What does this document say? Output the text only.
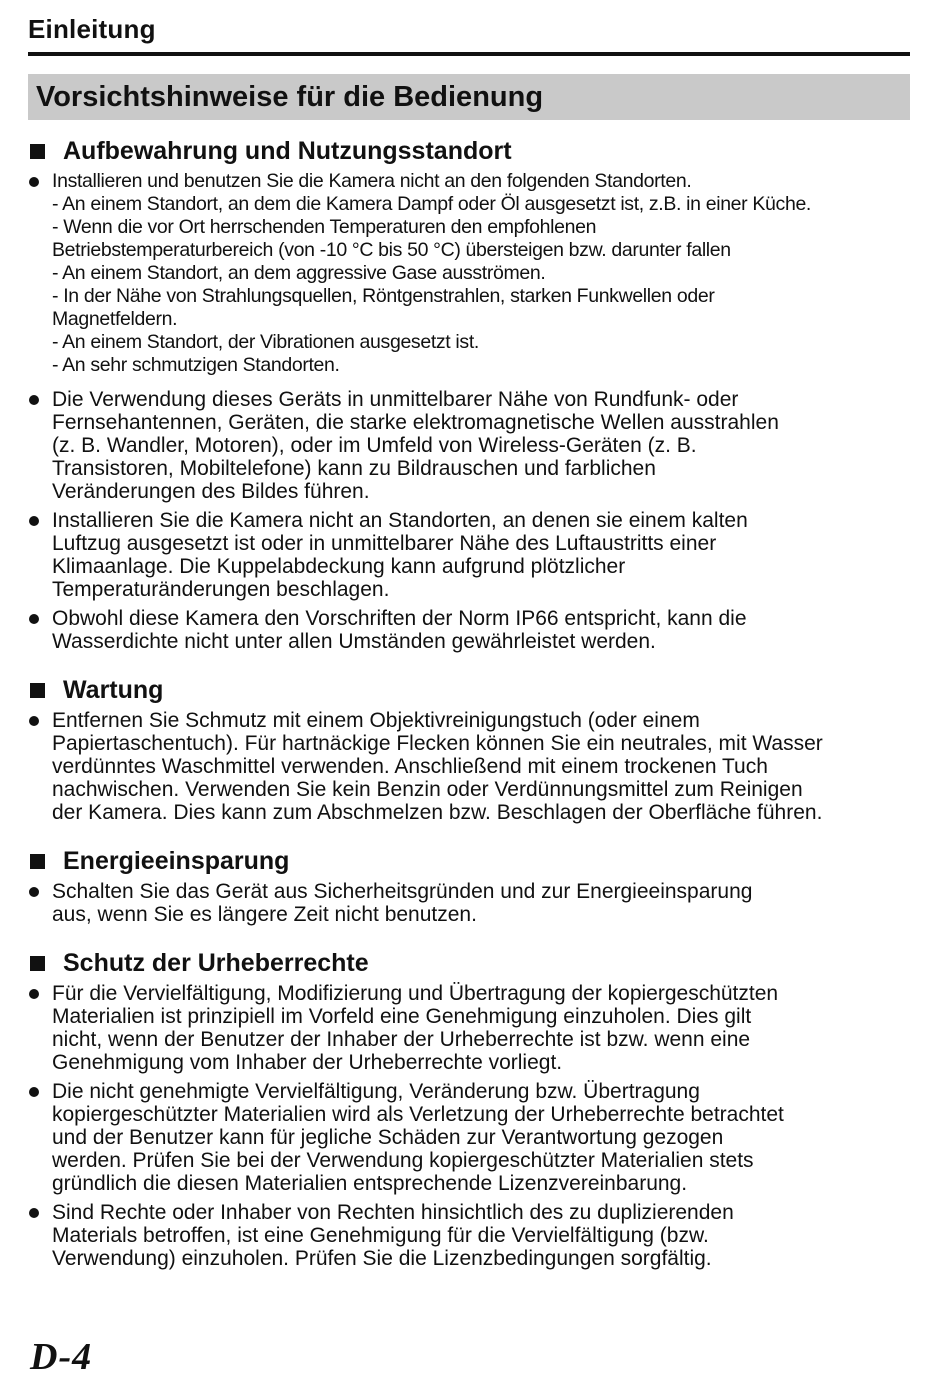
Einleitung
Vorsichtshinweise für die Bedienung
Aufbewahrung und Nutzungsstandort

Installieren und benutzen Sie die Kamera nicht an den folgenden Standorten.

- An einem Standort, an dem die Kamera Dampf oder Öl ausgesetzt ist, z.B. in einer Küche.

- Wenn die vor Ort herrschenden Temperaturen den empfohlenen

Betriebstemperaturbereich (von -10 °C bis 50 °C) übersteigen bzw. darunter fallen

- An einem Standort, an dem aggressive Gase ausströmen.

- In der Nähe von Strahlungsquellen, Röntgenstrahlen, starken Funkwellen oder

Magnetfeldern.

- An einem Standort, der Vibrationen ausgesetzt ist.

- An sehr schmutzigen Standorten.

Die Verwendung dieses Geräts in unmittelbarer Nähe von Rundfunk- oder

Fernsehantennen, Geräten, die starke elektromagnetische Wellen ausstrahlen

(z. B. Wandler, Motoren), oder im Umfeld von Wireless-Geräten (z. B.

Transistoren, Mobiltelefone) kann zu Bildrauschen und farblichen

Veränderungen des Bildes führen.

Installieren Sie die Kamera nicht an Standorten, an denen sie einem kalten

Luftzug ausgesetzt ist oder in unmittelbarer Nähe des Luftaustritts einer

Klimaanlage. Die Kuppelabdeckung kann aufgrund plötzlicher

Temperaturänderungen beschlagen.

Obwohl diese Kamera den Vorschriften der Norm IP66 entspricht, kann die

Wasserdichte nicht unter allen Umständen gewährleistet werden.

Wartung

Entfernen Sie Schmutz mit einem Objektivreinigungstuch (oder einem

Papiertaschentuch). Für hartnäckige Flecken können Sie ein neutrales, mit Wasser

verdünntes Waschmittel verwenden. Anschließend mit einem trockenen Tuch

nachwischen. Verwenden Sie kein Benzin oder Verdünnungsmittel zum Reinigen

der Kamera. Dies kann zum Abschmelzen bzw. Beschlagen der Oberfläche führen.

Energieeinsparung

Schalten Sie das Gerät aus Sicherheitsgründen und zur Energieeinsparung

aus, wenn Sie es längere Zeit nicht benutzen.

Schutz der Urheberrechte

Für die Vervielfältigung, Modifizierung und Übertragung der kopiergeschützten

Materialien ist prinzipiell im Vorfeld eine Genehmigung einzuholen. Dies gilt

nicht, wenn der Benutzer der Inhaber der Urheberrechte ist bzw. wenn eine

Genehmigung vom Inhaber der Urheberrechte vorliegt.

Die nicht genehmigte Vervielfältigung, Veränderung bzw. Übertragung

kopiergeschützter Materialien wird als Verletzung der Urheberrechte betrachtet

und der Benutzer kann für jegliche Schäden zur Verantwortung gezogen

werden. Prüfen Sie bei der Verwendung kopiergeschützter Materialien stets

gründlich die diesen Materialien entsprechende Lizenzvereinbarung.

Sind Rechte oder Inhaber von Rechten hinsichtlich des zu duplizierenden

Materials betroffen, ist eine Genehmigung für die Vervielfältigung (bzw.

Verwendung) einzuholen. Prüfen Sie die Lizenzbedingungen sorgfältig.

D-4
